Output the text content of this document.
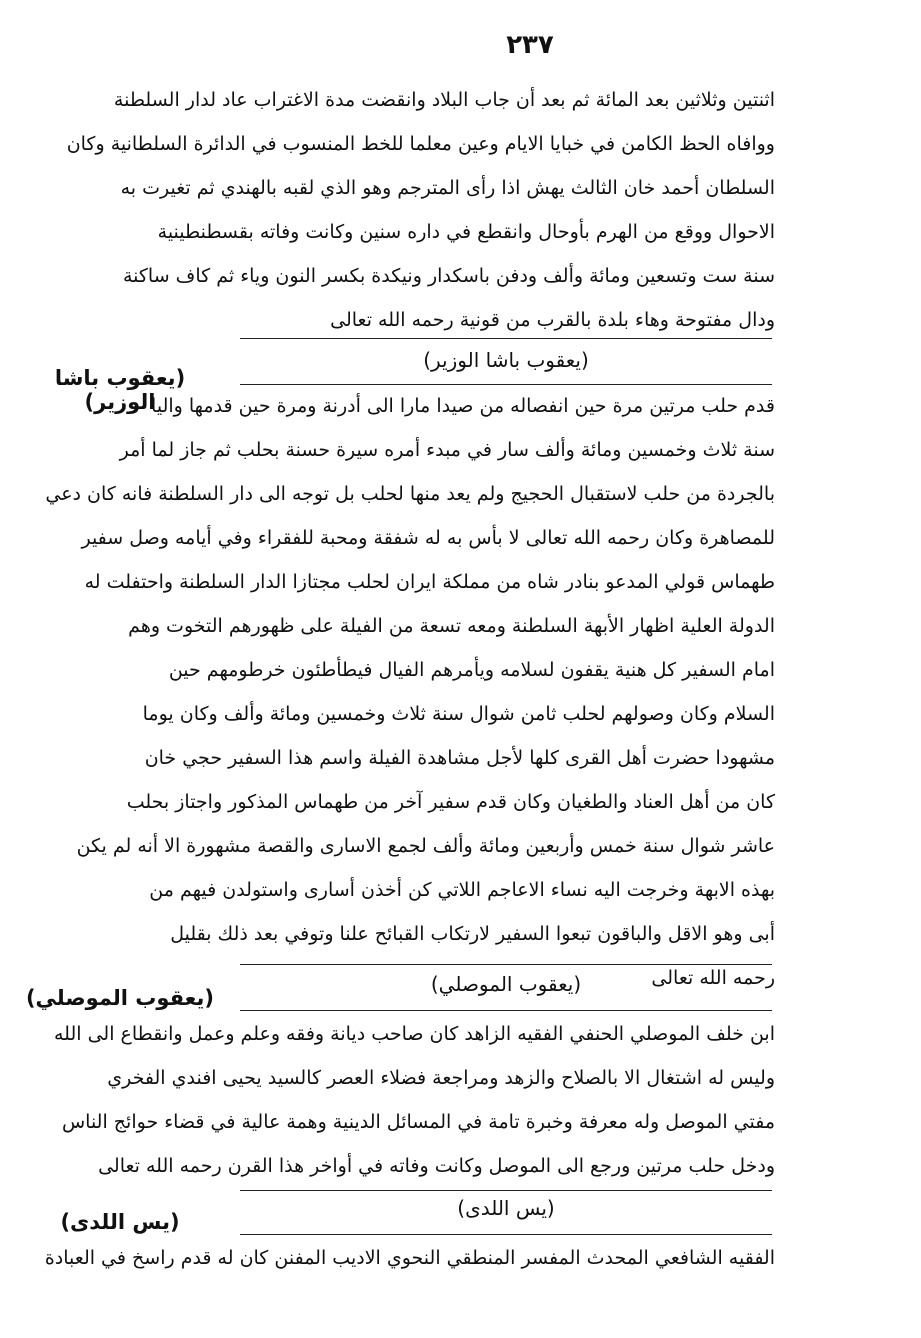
٢٣٧
اثنتين وثلاثين بعد المائة ثم بعد أن جاب البلاد وانقضت مدة الاغتراب عاد لدار السلطنة
ووافاه الحظ الكامن في خبايا الايام وعين معلما للخط المنسوب في الدائرة السلطانية وكان
السلطان أحمد خان الثالث يهش اذا رأى المترجم وهو الذي لقبه بالهندي ثم تغيرت به
الاحوال ووقع من الهرم بأوحال وانقطع في داره سنين وكانت وفاته بقسطنطينية
سنة ست وتسعين ومائة وألف ودفن باسكدار ونيكدة بكسر النون وياء ثم كاف ساكنة
ودال مفتوحة وهاء بلدة بالقرب من قونية رحمه الله تعالى
(يعقوب باشا الوزير)
(يعقوب باشا الوزير)
قدم حلب مرتين مرة حين انفصاله من صيدا مارا الى أدرنة ومرة حين قدمها واليا
سنة ثلاث وخمسين ومائة وألف سار في مبدء أمره سيرة حسنة بحلب ثم جاز لما أمر
بالجردة من حلب لاستقبال الحجيج ولم يعد منها لحلب بل توجه الى دار السلطنة فانه كان دعي
للمصاهرة وكان رحمه الله تعالى لا بأس به له شفقة ومحبة للفقراء وفي أيامه وصل سفير
طهماس قولي المدعو بنادر شاه من مملكة ايران لحلب مجتازا الدار السلطنة واحتفلت له
الدولة العلية اظهار الأبهة السلطنة ومعه تسعة من الفيلة على ظهورهم التخوت وهم
امام السفير كل هنية يقفون لسلامه ويأمرهم الفيال فيطأطئون خرطومهم حين
السلام وكان وصولهم لحلب ثامن شوال سنة ثلاث وخمسين ومائة وألف وكان يوما
مشهودا حضرت أهل القرى كلها لأجل مشاهدة الفيلة واسم هذا السفير حجي خان
كان من أهل العناد والطغيان وكان قدم سفير آخر من طهماس المذكور واجتاز بحلب
عاشر شوال سنة خمس وأربعين ومائة وألف لجمع الاسارى والقصة مشهورة الا أنه لم يكن
بهذه الابهة وخرجت اليه نساء الاعاجم اللاتي كن أخذن أسارى واستولدن فيهم من
أبى وهو الاقل والباقون تبعوا السفير لارتكاب القبائح علنا وتوفي بعد ذلك بقليل
رحمه الله تعالى
(يعقوب الموصلي)
(يعقوب الموصلي)
ابن خلف الموصلي الحنفي الفقيه الزاهد كان صاحب ديانة وفقه وعلم وعمل وانقطاع الى الله
وليس له اشتغال الا بالصلاح والزهد ومراجعة فضلاء العصر كالسيد يحيى افندي الفخري
مفتي الموصل وله معرفة وخبرة تامة في المسائل الدينية وهمة عالية في قضاء حوائج الناس
ودخل حلب مرتين ورجع الى الموصل وكانت وفاته في أواخر هذا القرن رحمه الله تعالى
(يس اللدى)
(يس اللدى)
الفقيه الشافعي المحدث المفسر المنطقي النحوي الاديب المفنن كان له قدم راسخ في العبادة
